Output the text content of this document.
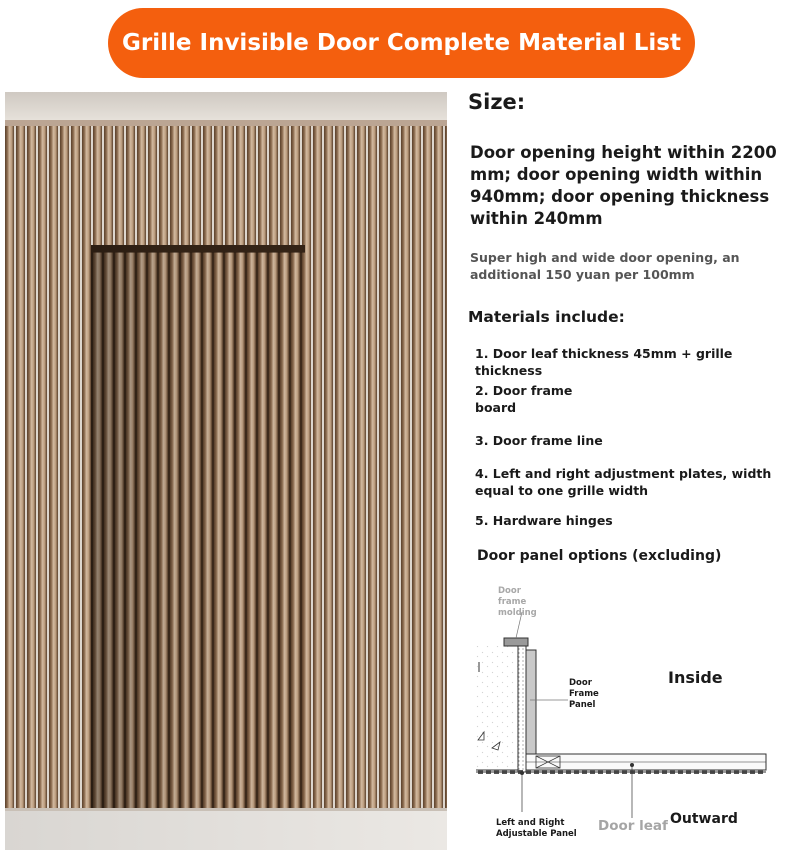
Grille Invisible Door Complete Material List
Size:
Door opening height within 2200 mm; door opening width within 940mm; door opening thickness within 240mm
Super high and wide door opening, an additional 150 yuan per 100mm
Materials include:
1. Door leaf thickness 45mm + grille thickness
2. Door frame board
3. Door frame line
4. Left and right adjustment plates, width equal to one grille width
5. Hardware hinges
Door panel options (excluding)
Door frame molding
Door Frame Panel
Left and Right Adjustable Panel
Inside
Door leaf Outward
